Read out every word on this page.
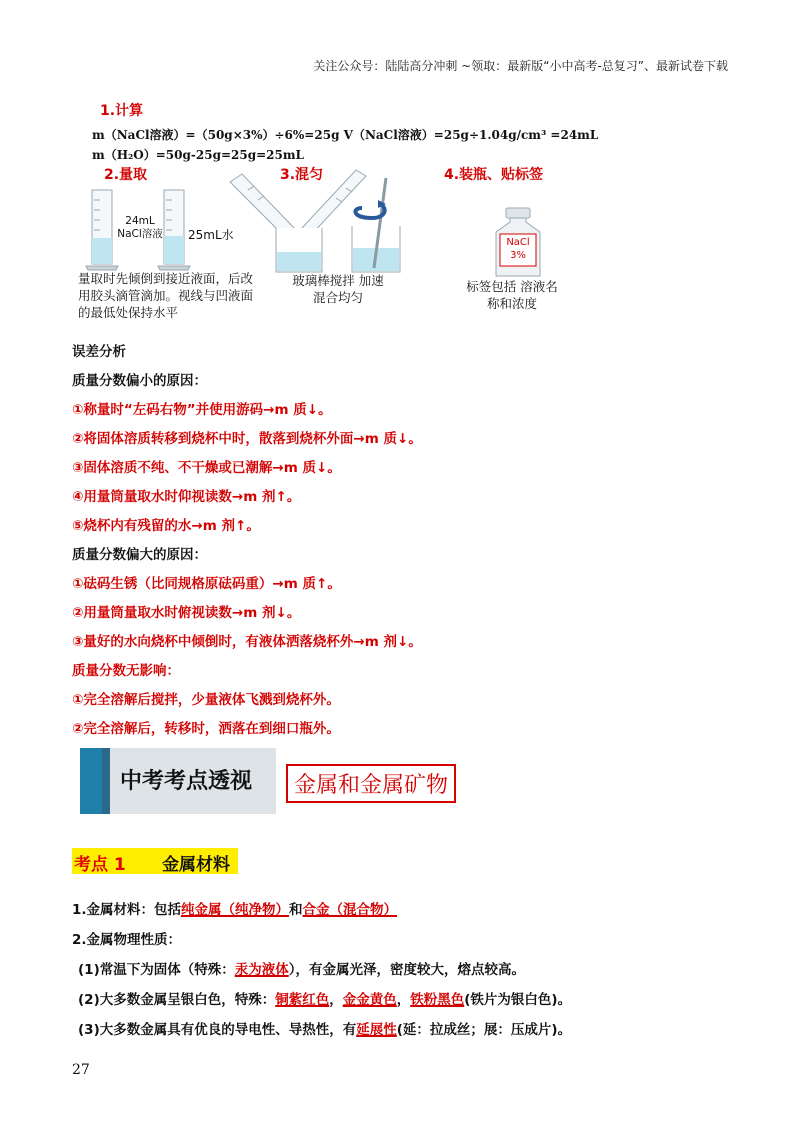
关注公众号：陆陆高分冲刺 ~领取：最新版“小中高考-总复习”、最新试卷下载
1.计算
m（NaCl溶液）=（50g×3%）÷6%=25g V（NaCl溶液）=25g÷1.04g/cm³ =24mL
m（H₂O）=50g-25g=25g=25mL
2.量取	3.混匀	4.装瓶、贴标签
24mL NaCl溶液 25mL水
量取时先倾倒到接近液面，后改用胶头滴管滴加。视线与凹液面的最低处保持水平
玻璃棒搅拌 加速混合均匀
NaCl
3%
标签包括 溶液名称和浓度
误差分析
质量分数偏小的原因：
①称量时“左码右物”并使用游码→m 质↓。
②将固体溶质转移到烧杯中时，散落到烧杯外面→m 质↓。
③固体溶质不纯、不干燥或已潮解→m 质↓。
④用量筒量取水时仰视读数→m 剂↑。
⑤烧杯内有残留的水→m 剂↑。
质量分数偏大的原因：
①砝码生锈（比同规格原砝码重）→m 质↑。
②用量筒量取水时俯视读数→m 剂↓。
③量好的水向烧杯中倾倒时，有液体洒落烧杯外→m 剂↓。
质量分数无影响：
①完全溶解后搅拌，少量液体飞溅到烧杯外。
②完全溶解后，转移时，洒落在到细口瓶外。
中考考点透视	金属和金属矿物
考点 1 金属材料
1.金属材料：包括纯金属（纯净物）和合金（混合物）
2.金属物理性质：
(1)常温下为固体（特殊：汞为液体），有金属光泽，密度较大，熔点较高。
(2)大多数金属呈银白色，特殊：铜紫红色，金金黄色，铁粉黑色(铁片为银白色)。
(3)大多数金属具有优良的导电性、导热性，有延展性(延：拉成丝；展：压成片)。
27
